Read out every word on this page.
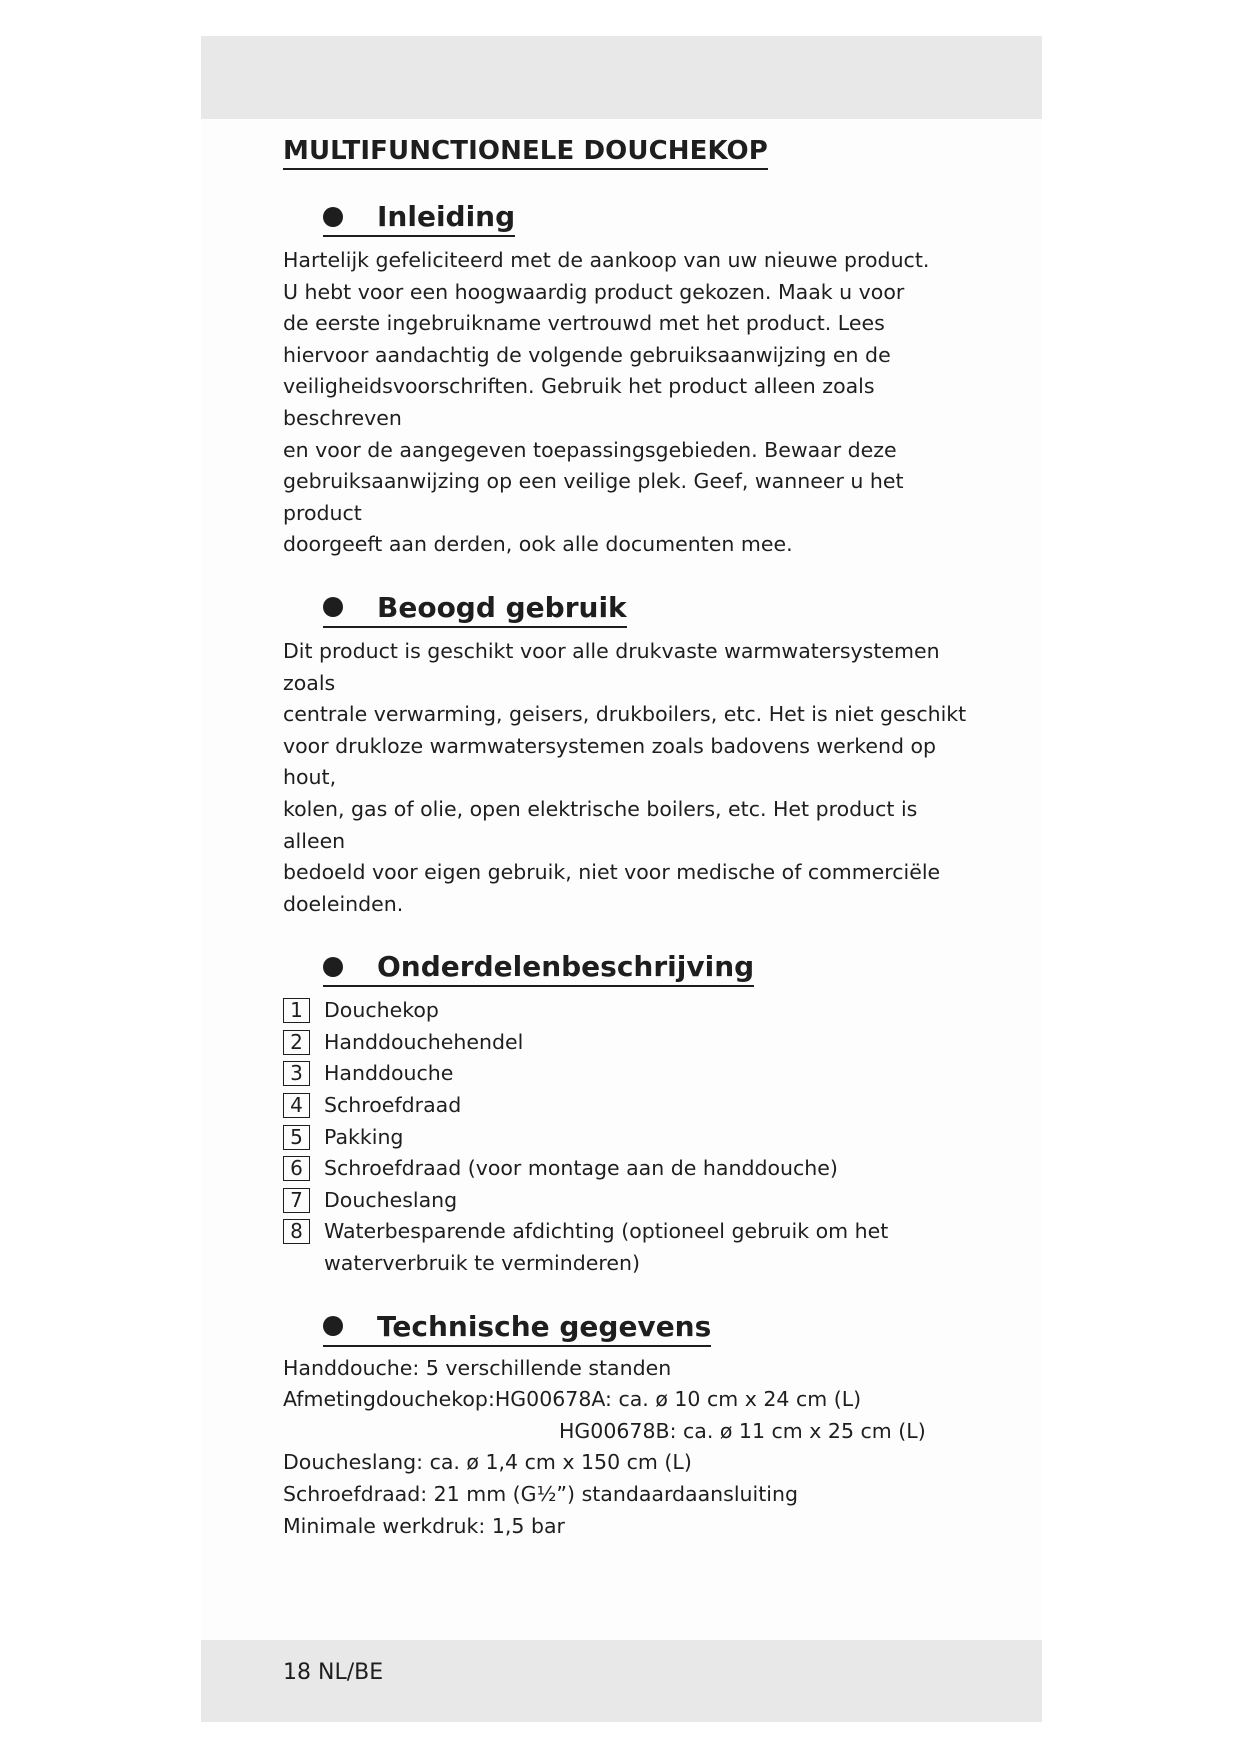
MULTIFUNCTIONELE DOUCHEKOP
Inleiding

Hartelijk gefeliciteerd met de aankoop van uw nieuwe product.
U hebt voor een hoogwaardig product gekozen. Maak u voor
de eerste ingebruikname vertrouwd met het product. Lees
hiervoor aandachtig de volgende gebruiksaanwijzing en de
veiligheidsvoorschriften. Gebruik het product alleen zoals beschreven
en voor de aangegeven toepassingsgebieden. Bewaar deze
gebruiksaanwijzing op een veilige plek. Geef, wanneer u het product
doorgeeft aan derden, ook alle documenten mee.

Beoogd gebruik

Dit product is geschikt voor alle drukvaste warmwatersystemen zoals
centrale verwarming, geisers, drukboilers, etc. Het is niet geschikt
voor drukloze warmwatersystemen zoals badovens werkend op hout,
kolen, gas of olie, open elektrische boilers, etc. Het product is alleen
bedoeld voor eigen gebruik, niet voor medische of commerciële
doeleinden.

Onderdelenbeschrijving
1	Douchekop
2	Handdouchehendel
3	Handdouche
4	Schroefdraad
5	Pakking
6	Schroefdraad (voor montage aan de handdouche)
7	Doucheslang
8	Waterbesparende afdichting (optioneel gebruik om het
waterverbruik te verminderen)
Technische gegevens

Handdouche: 5 verschillende standen

Afmetingdouchekop:HG00678A: ca. ø 10 cm x 24 cm (L)

HG00678B: ca. ø 11 cm x 25 cm (L)

Doucheslang: ca. ø 1,4 cm x 150 cm (L)

Schroefdraad: 21 mm (G½”) standaardaansluiting

Minimale werkdruk: 1,5 bar

18 NL/BE
